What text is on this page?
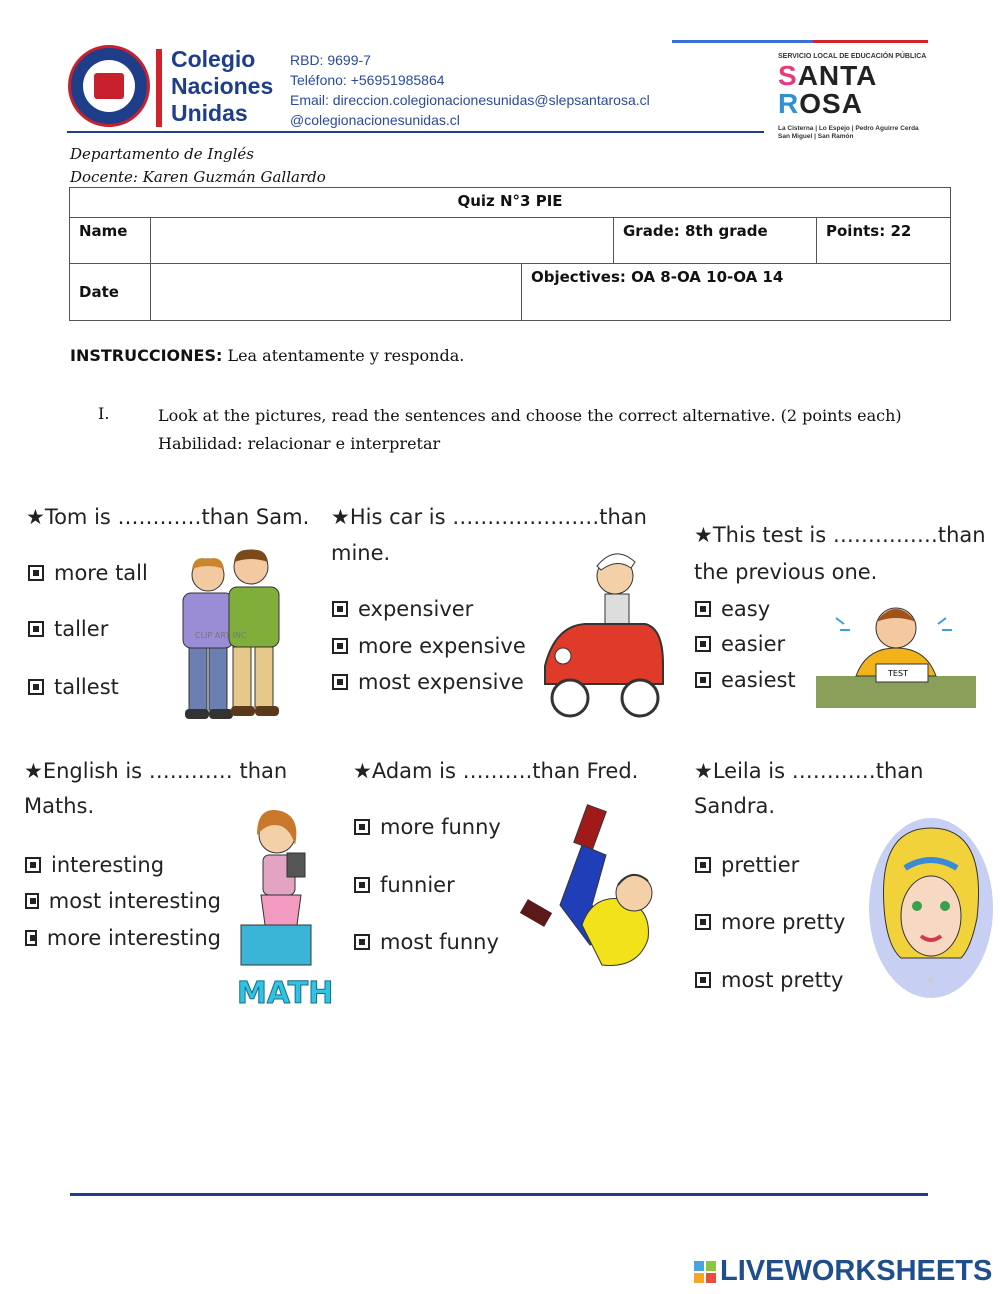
Colegio
Naciones
Unidas
RBD: 9699-7
Teléfono: +56951985864
Email: direccion.colegionacionesunidas@slepsantarosa.cl
@colegionacionesunidas.cl
SERVICIO LOCAL DE EDUCACIÓN PÚBLICA
SANTA
ROSA
La Cisterna | Lo Espejo | Pedro Aguirre Cerda
San Miguel | San Ramón
Departamento de Inglés
Docente: Karen Guzmán Gallardo
Quiz N°3 PIE				
Name			Grade: 8th grade	Points: 22
Date		Objectives: OA 8-OA 10-OA 14		
INSTRUCCIONES: Lea atentamente y responda.
I.	Look at the pictures, read the sentences and choose the correct alternative. (2 points each)
Habilidad: relacionar e interpretar
★Tom is …………than Sam.
more tall
taller
tallest
★His car is …………………than
mine.
expensiver
more expensive
most expensive
★This test is ……………than
the previous one.
easy
easier
easiest
★English is ………… than
Maths.
interesting
most interesting
more interesting
★Adam is ……….than Fred.
more funny
funnier
most funny
★Leila is …………than
Sandra.
prettier
more pretty
most pretty
CLIP ART INC
TEST
MATH
LIVEWORKSHEETS
